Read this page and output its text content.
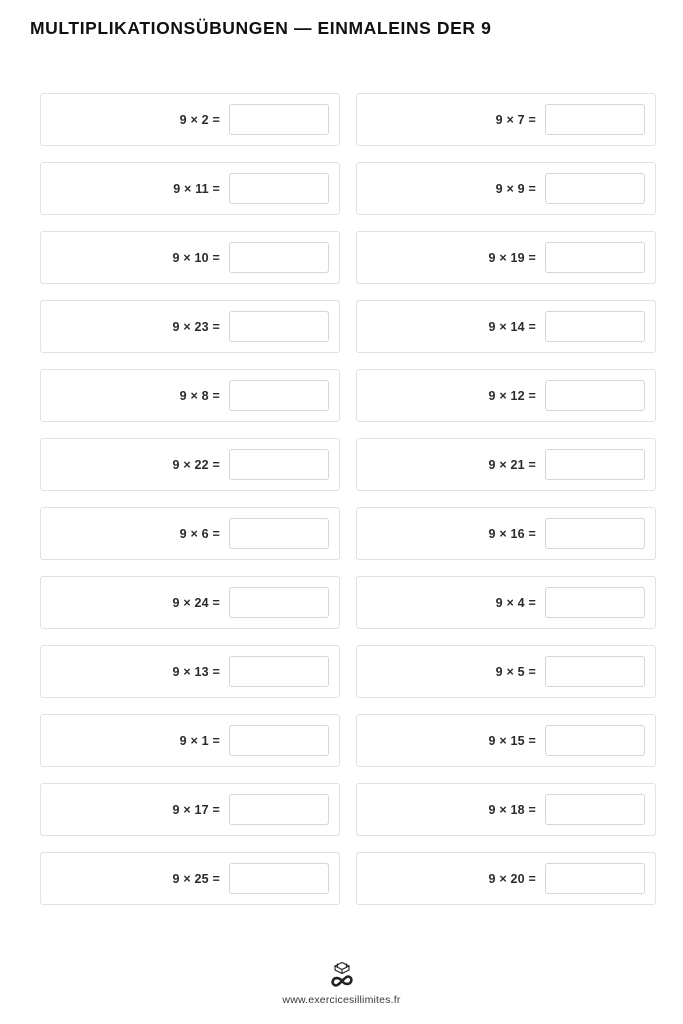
MULTIPLIKATIONSÜBUNGEN — EINMALEINS DER 9
9 × 2 =	9 × 7 =
9 × 11 =	9 × 9 =
9 × 10 =	9 × 19 =
9 × 23 =	9 × 14 =
9 × 8 =	9 × 12 =
9 × 22 =	9 × 21 =
9 × 6 =	9 × 16 =
9 × 24 =	9 × 4 =
9 × 13 =	9 × 5 =
9 × 1 =	9 × 15 =
9 × 17 =	9 × 18 =
9 × 25 =	9 × 20 =
www.exercicesillimites.fr
